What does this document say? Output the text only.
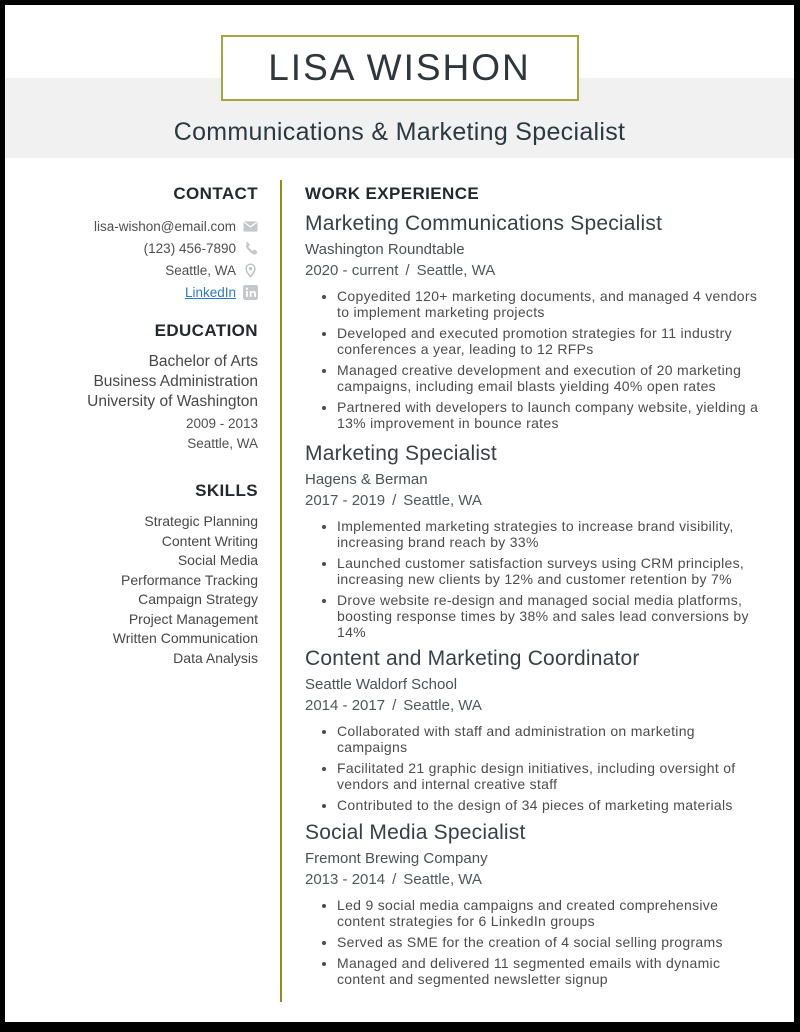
LISA WISHON
Communications & Marketing Specialist
CONTACT
lisa-wishon@email.com
(123) 456-7890
Seattle, WA
LinkedIn
EDUCATION
Bachelor of Arts
Business Administration
University of Washington
2009 - 2013
Seattle, WA
SKILLS
Strategic Planning
Content Writing
Social Media
Performance Tracking
Campaign Strategy
Project Management
Written Communication
Data Analysis
WORK EXPERIENCE
Marketing Communications Specialist
Washington Roundtable
2020 - current / Seattle, WA
• Copyedited 120+ marketing documents, and managed 4 vendors to implement marketing projects
• Developed and executed promotion strategies for 11 industry conferences a year, leading to 12 RFPs
• Managed creative development and execution of 20 marketing campaigns, including email blasts yielding 40% open rates
• Partnered with developers to launch company website, yielding a 13% improvement in bounce rates
Marketing Specialist
Hagens & Berman
2017 - 2019 / Seattle, WA
• Implemented marketing strategies to increase brand visibility, increasing brand reach by 33%
• Launched customer satisfaction surveys using CRM principles, increasing new clients by 12% and customer retention by 7%
• Drove website re-design and managed social media platforms, boosting response times by 38% and sales lead conversions by 14%
Content and Marketing Coordinator
Seattle Waldorf School
2014 - 2017 / Seattle, WA
• Collaborated with staff and administration on marketing campaigns
• Facilitated 21 graphic design initiatives, including oversight of vendors and internal creative staff
• Contributed to the design of 34 pieces of marketing materials
Social Media Specialist
Fremont Brewing Company
2013 - 2014 / Seattle, WA
• Led 9 social media campaigns and created comprehensive content strategies for 6 LinkedIn groups
• Served as SME for the creation of 4 social selling programs
• Managed and delivered 11 segmented emails with dynamic content and segmented newsletter signup
